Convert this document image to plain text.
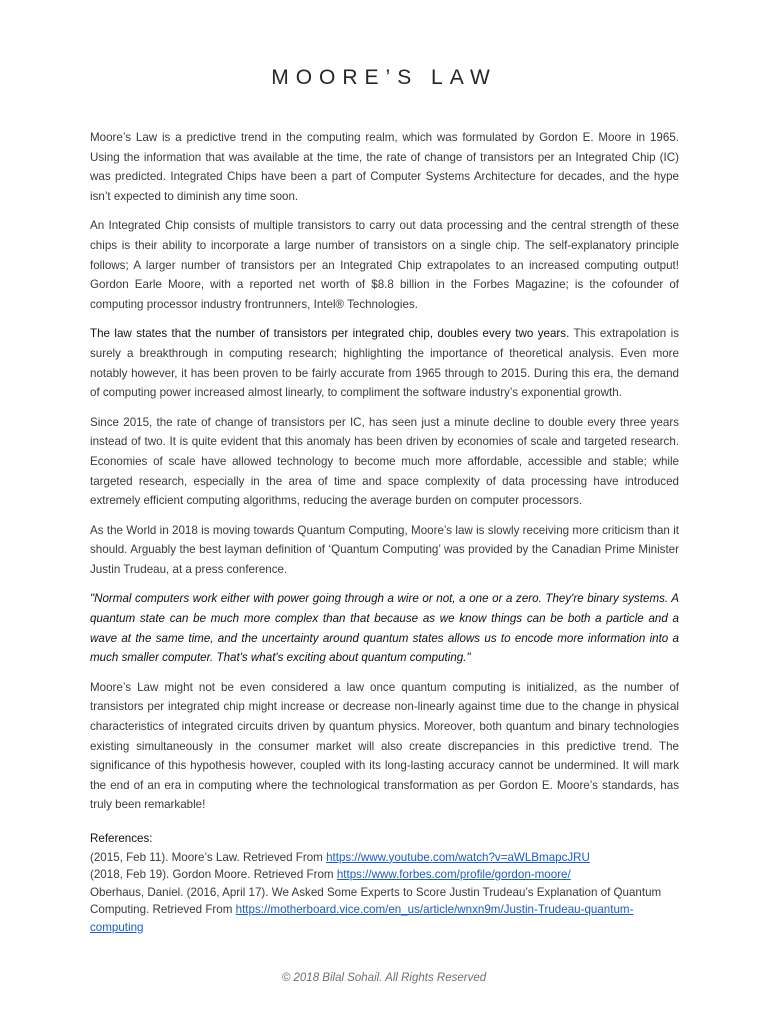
MOORE’S LAW

Moore’s Law is a predictive trend in the computing realm, which was formulated by Gordon E. Moore in 1965. Using the information that was available at the time, the rate of change of transistors per an Integrated Chip (IC) was predicted. Integrated Chips have been a part of Computer Systems Architecture for decades, and the hype isn’t expected to diminish any time soon.

An Integrated Chip consists of multiple transistors to carry out data processing and the central strength of these chips is their ability to incorporate a large number of transistors on a single chip. The self-explanatory principle follows; A larger number of transistors per an Integrated Chip extrapolates to an increased computing output! Gordon Earle Moore, with a reported net worth of $8.8 billion in the Forbes Magazine; is the cofounder of computing processor industry frontrunners, Intel® Technologies.

The law states that the number of transistors per integrated chip, doubles every two years. This extrapolation is surely a breakthrough in computing research; highlighting the importance of theoretical analysis. Even more notably however, it has been proven to be fairly accurate from 1965 through to 2015. During this era, the demand of computing power increased almost linearly, to compliment the software industry’s exponential growth.

Since 2015, the rate of change of transistors per IC, has seen just a minute decline to double every three years instead of two. It is quite evident that this anomaly has been driven by economies of scale and targeted research. Economies of scale have allowed technology to become much more affordable, accessible and stable; while targeted research, especially in the area of time and space complexity of data processing have introduced extremely efficient computing algorithms, reducing the average burden on computer processors.

As the World in 2018 is moving towards Quantum Computing, Moore’s law is slowly receiving more criticism than it should. Arguably the best layman definition of ‘Quantum Computing’ was provided by the Canadian Prime Minister Justin Trudeau, at a press conference.

"Normal computers work either with power going through a wire or not, a one or a zero. They're binary systems. A quantum state can be much more complex than that because as we know things can be both a particle and a wave at the same time, and the uncertainty around quantum states allows us to encode more information into a much smaller computer. That's what's exciting about quantum computing."

Moore’s Law might not be even considered a law once quantum computing is initialized, as the number of transistors per integrated chip might increase or decrease non-linearly against time due to the change in physical characteristics of integrated circuits driven by quantum physics. Moreover, both quantum and binary technologies existing simultaneously in the consumer market will also create discrepancies in this predictive trend. The significance of this hypothesis however, coupled with its long-lasting accuracy cannot be undermined. It will mark the end of an era in computing where the technological transformation as per Gordon E. Moore’s standards, has truly been remarkable!

References:
(2015, Feb 11). Moore’s Law. Retrieved From https://www.youtube.com/watch?v=aWLBmapcJRU
(2018, Feb 19). Gordon Moore. Retrieved From https://www.forbes.com/profile/gordon-moore/
Oberhaus, Daniel. (2016, April 17). We Asked Some Experts to Score Justin Trudeau’s Explanation of Quantum Computing. Retrieved From https://motherboard.vice.com/en_us/article/wnxn9m/Justin-Trudeau-quantum-computing
© 2018 Bilal Sohail. All Rights Reserved
